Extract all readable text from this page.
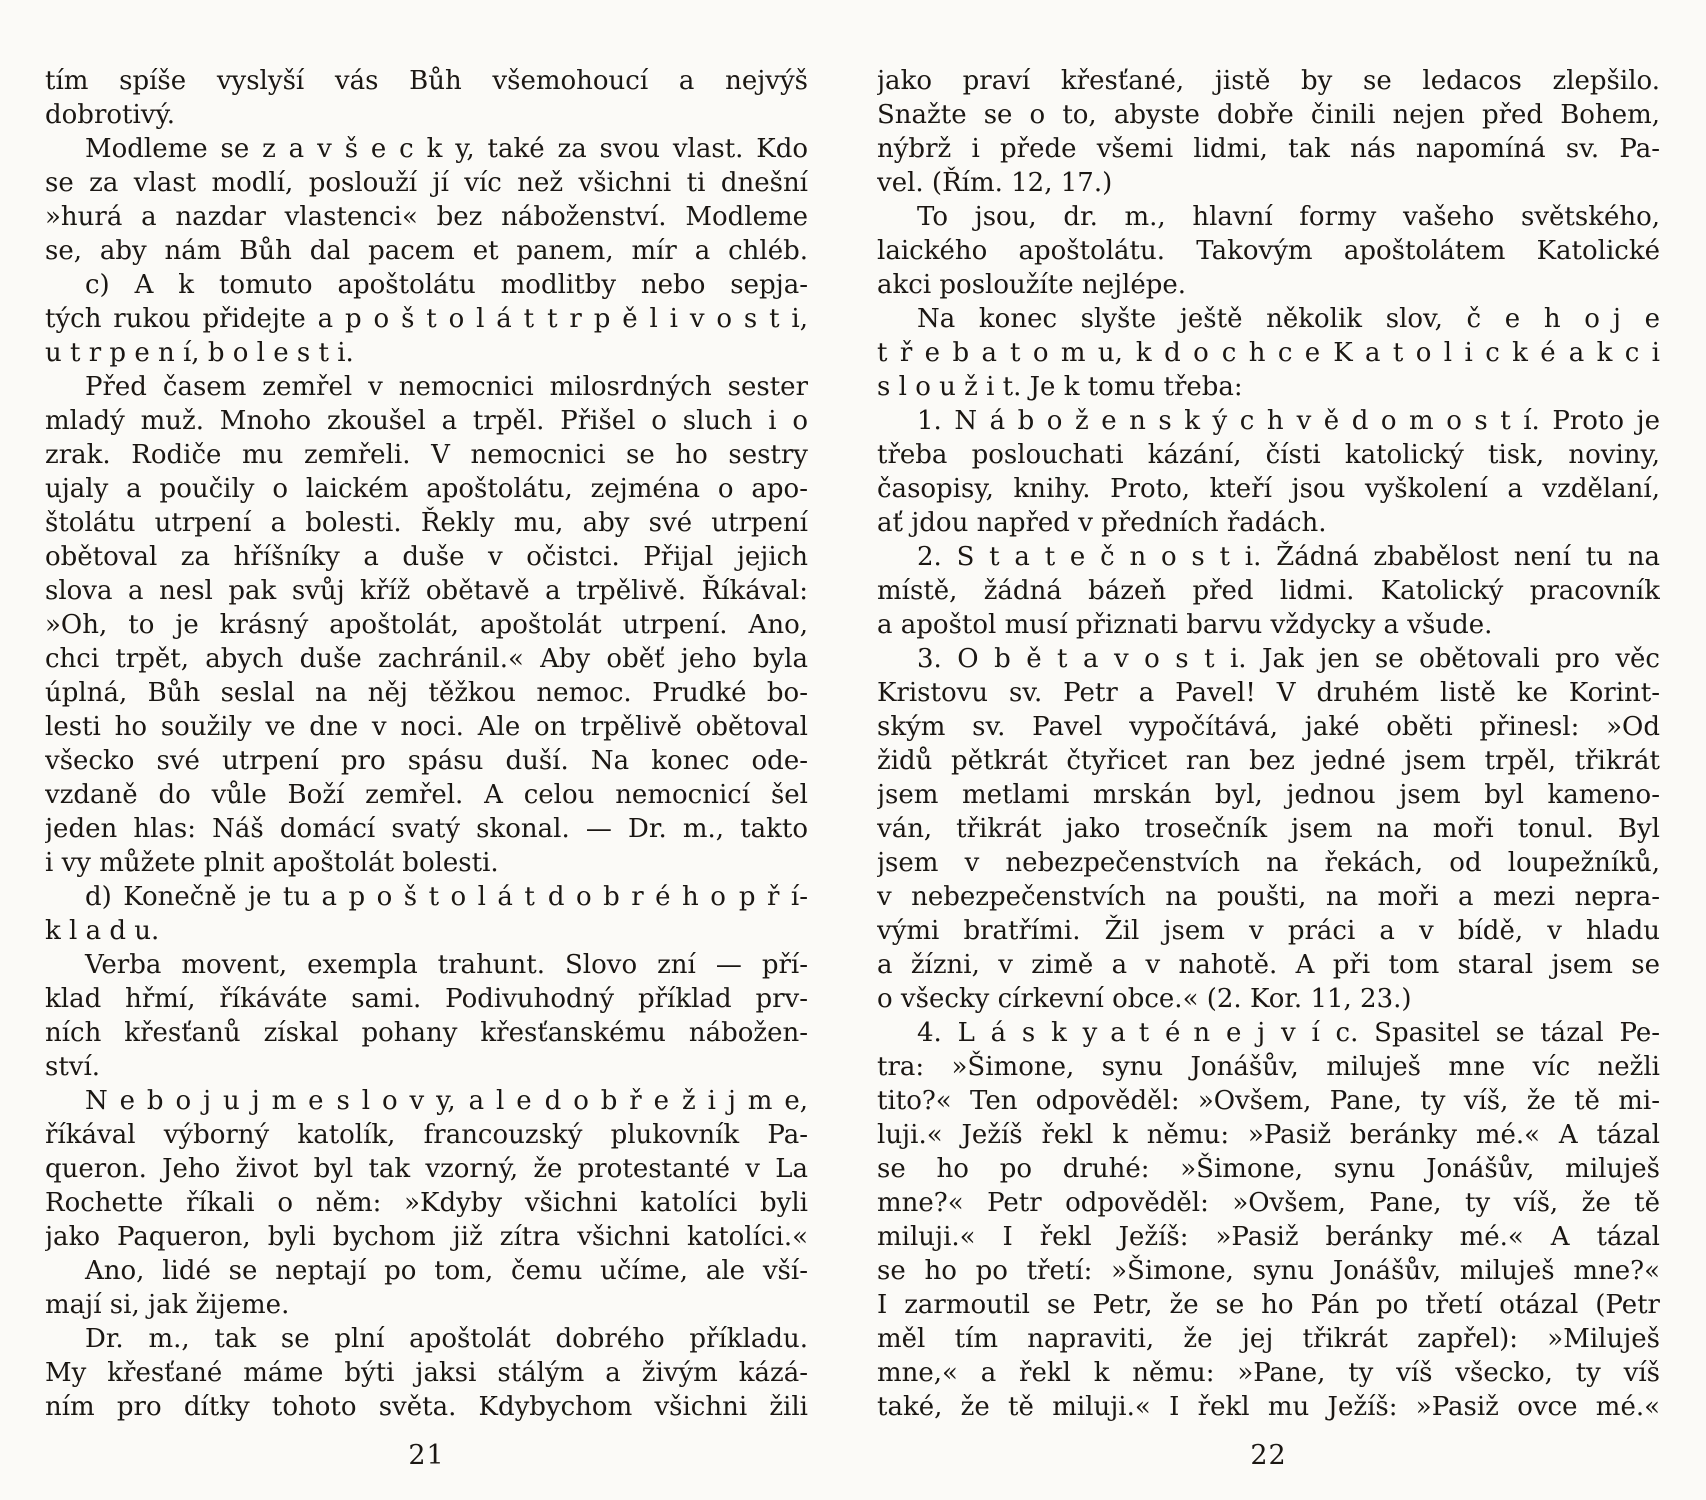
tím spíše vyslyší vás Bůh všemohoucí a nejvýš
dobrotivý.
Modleme se z a v š e c k y, také za svou vlast. Kdo
se za vlast modlí, poslouží jí víc než všichni ti dnešní
»hurá a nazdar vlastenci« bez náboženství. Modleme
se, aby nám Bůh dal pacem et panem, mír a chléb.
c) A k tomuto apoštolátu modlitby nebo sepja-
tých rukou přidejte a p o š t o l á t t r p ě l i v o s t i,
u t r p e n í, b o l e s t i.
Před časem zemřel v nemocnici milosrdných sester
mladý muž. Mnoho zkoušel a trpěl. Přišel o sluch i o
zrak. Rodiče mu zemřeli. V nemocnici se ho sestry
ujaly a poučily o laickém apoštolátu, zejména o apo-
štolátu utrpení a bolesti. Řekly mu, aby své utrpení
obětoval za hříšníky a duše v očistci. Přijal jejich
slova a nesl pak svůj kříž obětavě a trpělivě. Říkával:
»Oh, to je krásný apoštolát, apoštolát utrpení. Ano,
chci trpět, abych duše zachránil.« Aby oběť jeho byla
úplná, Bůh seslal na něj těžkou nemoc. Prudké bo-
lesti ho soužily ve dne v noci. Ale on trpělivě obětoval
všecko své utrpení pro spásu duší. Na konec ode-
vzdaně do vůle Boží zemřel. A celou nemocnicí šel
jeden hlas: Náš domácí svatý skonal. — Dr. m., takto
i vy můžete plnit apoštolát bolesti.
d) Konečně je tu a p o š t o l á t d o b r é h o p ř í-
k l a d u.
Verba movent, exempla trahunt. Slovo zní — pří-
klad hřmí, říkáváte sami. Podivuhodný příklad prv-
ních křesťanů získal pohany křesťanskému nábožen-
ství.
N e b o j u j m e s l o v y, a l e d o b ř e ž i j m e,
říkával výborný katolík, francouzský plukovník Pa-
queron. Jeho život byl tak vzorný, že protestanté v La
Rochette říkali o něm: »Kdyby všichni katolíci byli
jako Paqueron, byli bychom již zítra všichni katolíci.«
Ano, lidé se neptají po tom, čemu učíme, ale vší-
mají si, jak žijeme.
Dr. m., tak se plní apoštolát dobrého příkladu.
My křesťané máme býti jaksi stálým a živým kázá-
ním pro dítky tohoto světa. Kdybychom všichni žili
21
jako praví křesťané, jistě by se ledacos zlepšilo.
Snažte se o to, abyste dobře činili nejen před Bohem,
nýbrž i přede všemi lidmi, tak nás napomíná sv. Pa-
vel. (Řím. 12, 17.)
To jsou, dr. m., hlavní formy vašeho světského,
laického apoštolátu. Takovým apoštolátem Katolické
akci posloužíte nejlépe.
Na konec slyšte ještě několik slov, č e h o j e
t ř e b a t o m u, k d o c h c e K a t o l i c k é a k c i
s l o u ž i t. Je k tomu třeba:
1. N á b o ž e n s k ý c h v ě d o m o s t í. Proto je
třeba poslouchati kázání, čísti katolický tisk, noviny,
časopisy, knihy. Proto, kteří jsou vyškolení a vzdělaní,
ať jdou napřed v předních řadách.
2. S t a t e č n o s t i. Žádná zbabělost není tu na
místě, žádná bázeň před lidmi. Katolický pracovník
a apoštol musí přiznati barvu vždycky a všude.
3. O b ě t a v o s t i. Jak jen se obětovali pro věc
Kristovu sv. Petr a Pavel! V druhém listě ke Korint-
ským sv. Pavel vypočítává, jaké oběti přinesl: »Od
židů pětkrát čtyřicet ran bez jedné jsem trpěl, třikrát
jsem metlami mrskán byl, jednou jsem byl kameno-
ván, třikrát jako trosečník jsem na moři tonul. Byl
jsem v nebezpečenstvích na řekách, od loupežníků,
v nebezpečenstvích na poušti, na moři a mezi nepra-
vými bratřími. Žil jsem v práci a v bídě, v hladu
a žízni, v zimě a v nahotě. A při tom staral jsem se
o všecky církevní obce.« (2. Kor. 11, 23.)
4. L á s k y a t é n e j v í c. Spasitel se tázal Pe-
tra: »Šimone, synu Jonášův, miluješ mne víc nežli
tito?« Ten odpověděl: »Ovšem, Pane, ty víš, že tě mi-
luji.« Ježíš řekl k němu: »Pasiž beránky mé.« A tázal
se ho po druhé: »Šimone, synu Jonášův, miluješ
mne?« Petr odpověděl: »Ovšem, Pane, ty víš, že tě
miluji.« I řekl Ježíš: »Pasiž beránky mé.« A tázal
se ho po třetí: »Šimone, synu Jonášův, miluješ mne?«
I zarmoutil se Petr, že se ho Pán po třetí otázal (Petr
měl tím napraviti, že jej třikrát zapřel): »Miluješ
mne,« a řekl k němu: »Pane, ty víš všecko, ty víš
také, že tě miluji.« I řekl mu Ježíš: »Pasiž ovce mé.«
22
